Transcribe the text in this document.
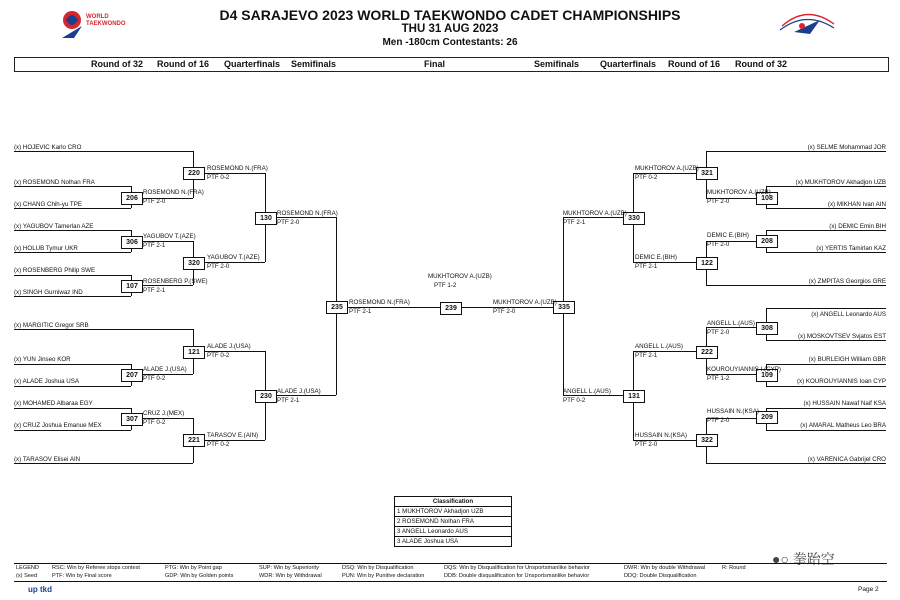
WORLD
TAEKWONDO
D4 SARAJEVO 2023 WORLD TAEKWONDO CADET CHAMPIONSHIPS
THU 31 AUG 2023
Men -180cm Contestants: 26
Round of 32 Round of 16 Quarterfinals Semifinals	Final	Semifinals Quarterfinals Round of 16 Round of 32
(x) HOJEVIC Karlo CRO
(x) ROSEMOND Nolhan FRA
(x) CHANG Chih-yu TPE
(x) YAGUBOV Tamerlan AZE
(x) HOLUB Tymur UKR
(x) ROSENBERG Philip SWE
(x) SINGH Gurniwaz IND
(x) MARGITIC Gregor SRB
(x) YUN Jinseo KOR
(x) ALADE Joshua USA
(x) MOHAMED Albaraa EGY
(x) CRUZ Joshua Emanue MEX
(x) TARASOV Elisei AIN
(x) SELME Mohammad JOR
(x) MUKHTOROV Akhadjon UZB
(x) MIKHAN Ivan AIN
(x) DEMIC Emin BIH
(x) YERTIS Tamirlan KAZ
(x) ZMPITAS Georgios GRE
(x) ANGELL Leonardo AUS
(x) MOSKOVTSEV Svjatos EST
(x) BURLEIGH William GBR
(x) KOUROUYIANNIS Ioan CYP
(x) HUSSAIN Nawaf Naif KSA
(x) AMARAL Matheus Leo BRA
(x) VARENICA Gabrijel CRO
206
306
107
207
307
220
320
121
221
130
230
235	239	335
330
131
321
122
222
322
108
208
308
109
209
ROSEMOND N.(FRA)
PTF 2-0
YAGUBOV T.(AZE)
PTF 2-1
ROSENBERG P.(SWE)
PTF 2-1
ALADE J.(USA)
PTF 0-2
CRUZ J.(MEX)
PTF 0-2
ROSEMOND N.(FRA)
PTF 0-2
YAGUBOV T.(AZE)
PTF 2-0
ALADE J.(USA)
PTF 0-2
TARASOV E.(AIN)
PTF 0-2
ROSEMOND N.(FRA)
PTF 2-0
ALADE J.(USA)
PTF 2-1
ROSEMOND N.(FRA)
PTF 2-1
MUKHTOROV A.(UZB)
PTF 1-2
MUKHTOROV A.(UZB)
PTF 2-0
MUKHTOROV A.(UZB)
PTF 2-1
ANGELL L.(AUS)
PTF 0-2
MUKHTOROV A.(UZB)
PTF 0-2
DEMIC E.(BIH)
PTF 2-1
ANGELL L.(AUS)
PTF 2-1
HUSSAIN N.(KSA)
PTF 2-0
MUKHTOROV A.(UZB)
PTF 2-0
DEMIC E.(BIH)
PTF 2-0
ANGELL L.(AUS)
PTF 2-0
KOUROUYIANNIS I.(CYP)
PTF 1-2
HUSSAIN N.(KSA)
PTF 2-0
Classification
1 MUKHTOROV Akhadjon UZB
2 ROSEMOND Nolhan FRA
3 ANGELL Leonardo AUS
3 ALADE Joshua USA
●○ 拳跆空
LEGEND
(x) Seed
RSC: Win by Referee stops contest
PTF: Win by Final score
PTG: Win by Point gap
GDP: Win by Golden points
SUP: Win by Superiority
WDR: Win by Withdrawal
DSQ: Win by Disqualification
PUN: Win by Punitive declaration
DQS: Win by Disqualification for Unsportsmanlike behavior
DDB: Double disqualification for Unsportsmanlike behavior
DWR: Win by double Withdrawal
DDQ: Double Disqualification
R: Round
up tkd	Page 2
